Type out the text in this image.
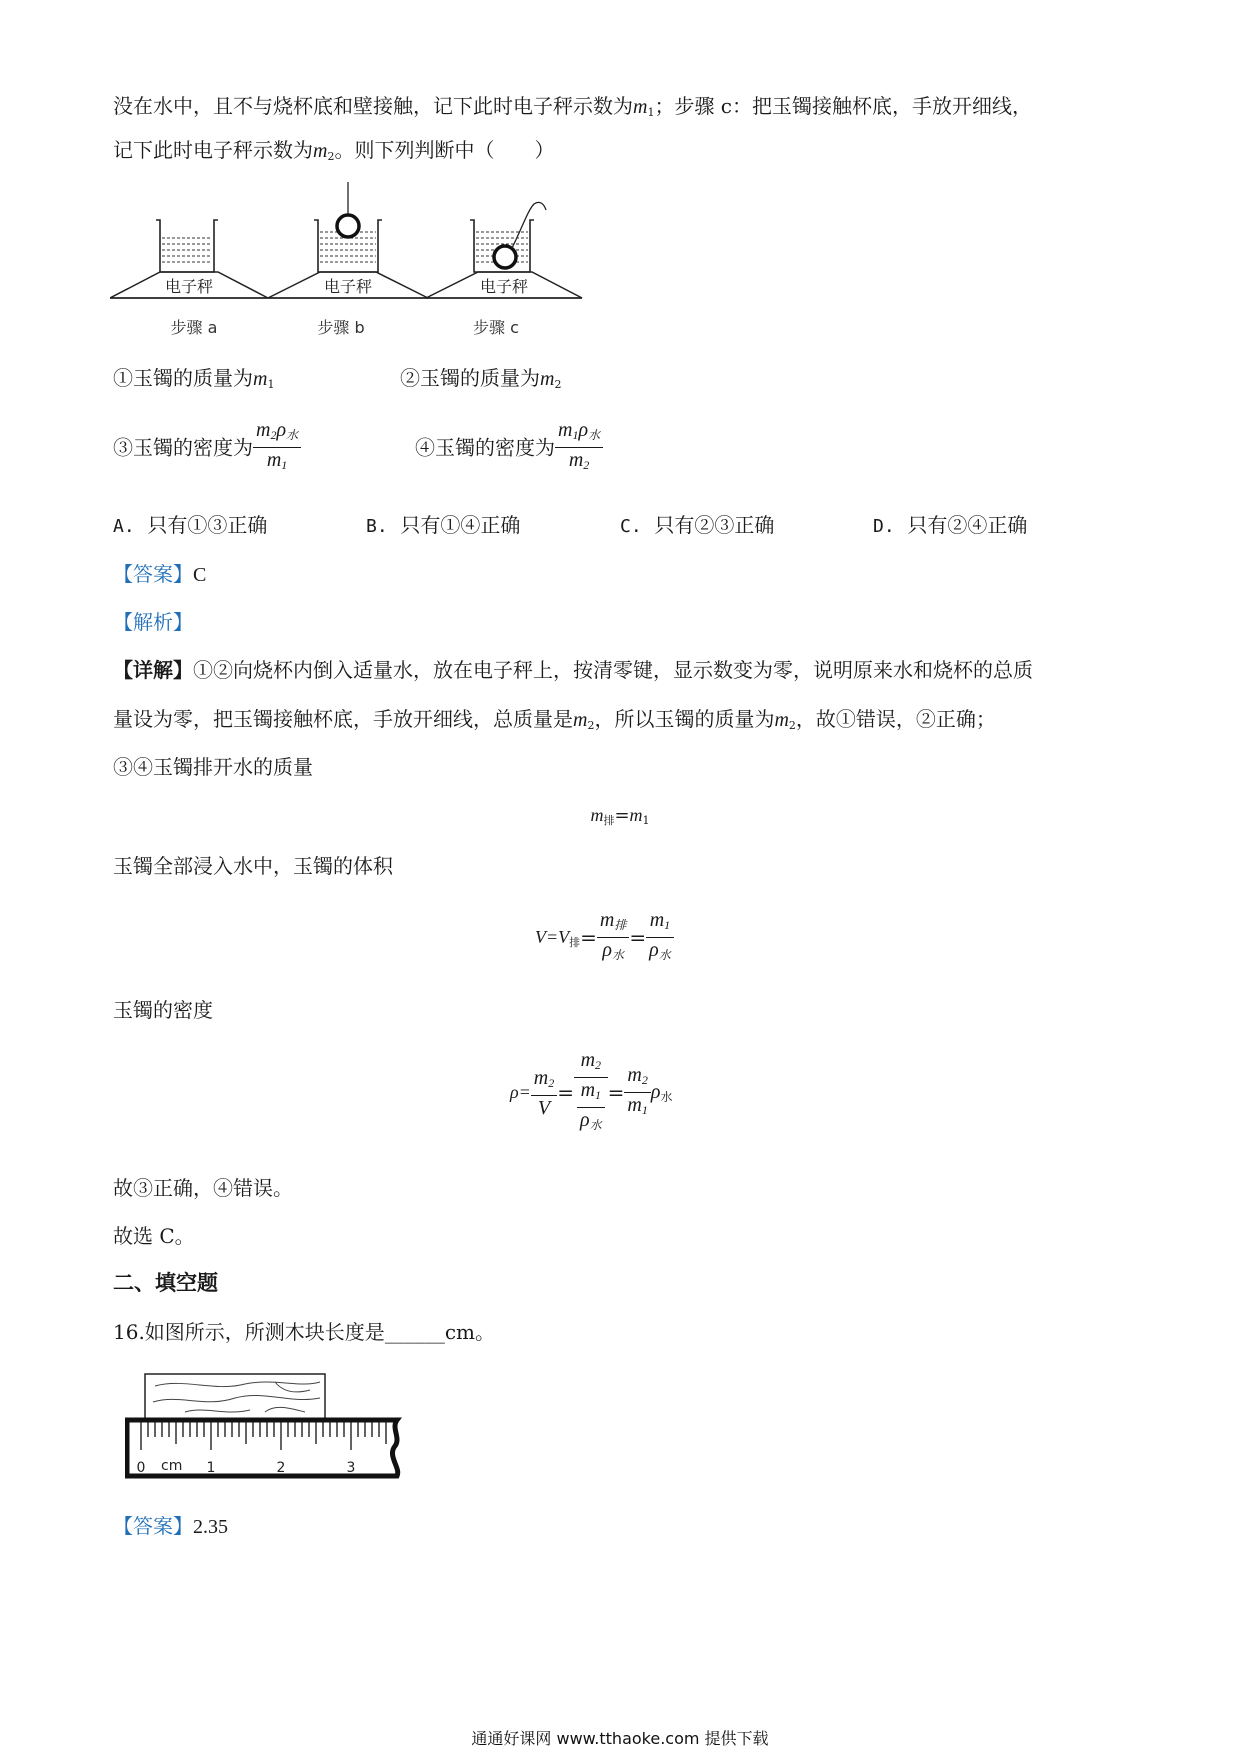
没在水中，且不与烧杯底和壁接触，记下此时电子秤示数为$m_1$；步骤 c：把玉镯接触杯底，手放开细线，
记下此时电子秤示数为$m_2$。则下列判断中（　　）
电子秤	电子秤	电子秤
步骤 a	步骤 b	步骤 c
①玉镯的质量为$m_1$	②玉镯的质量为$m_2$
③玉镯的密度为 $\frac{m_2\rho_水}{m_1}$	④玉镯的密度为 $\frac{m_1\rho_水}{m_2}$
A. 只有①③正确	B. 只有①④正确	C. 只有②③正确	D. 只有②④正确
【答案】C
【解析】
【详解】①②向烧杯内倒入适量水，放在电子秤上，按清零键，显示数变为零，说明原来水和烧杯的总质
量设为零，把玉镯接触杯底，手放开细线，总质量是$m_2$，所以玉镯的质量为$m_2$，故①错误，②正确；
③④玉镯排开水的质量
$m_排=m_1$
玉镯全部浸入水中，玉镯的体积
$V=V_排= \frac{m_排}{\rho_水} = \frac{m_1}{\rho_水}$
玉镯的密度
$\rho= \frac{m_2}{V} = \frac{m_2}{\frac{m_1}{\rho_水}} = \frac{m_2}{m_1} \rho_水$
故③正确，④错误。
故选 C。
二、填空题
16.如图所示，所测木块长度是______cm。
0 cm 1	2	3
【答案】2.35
通通好课网 www.tthaoke.com 提供下载
